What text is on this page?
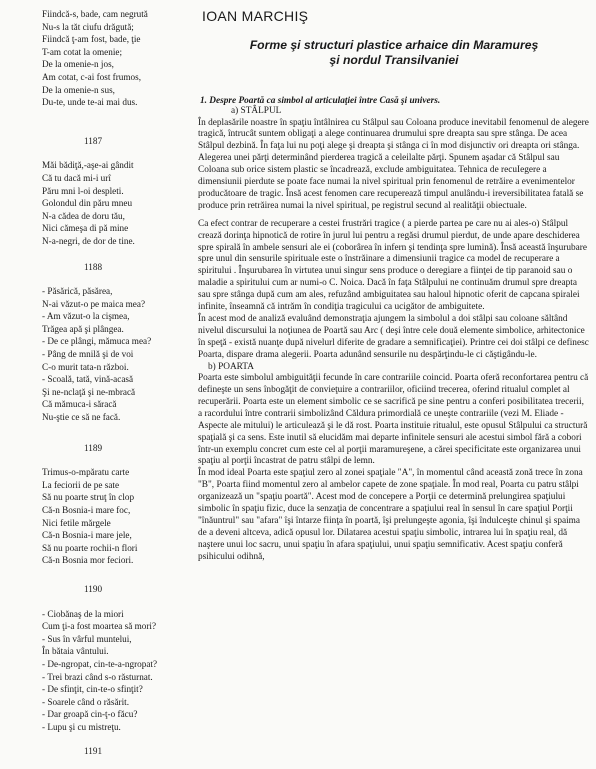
Fiindcă-s, bade, cam negrută
Nu-s la tăt ciufu drăgută;
Fiindcă ţ-am fost, bade, ţie
T-am cotat la omenie;
De la omenie-n jos,
Am cotat, c-ai fost frumos,
De la omenie-n sus,
Du-te, unde te-ai mai dus.
1187
Măi bădiţă,-aşe-ai gândit
Că tu dacă mi-i urî
Păru mni l-oi despleti.
Golondul din păru mneu
N-a cădea de doru tău,
Nici cămeşa di pă mine
N-a-negri, de dor de tine.
1188
- Păsărică, păsărea,
N-ai văzut-o pe maica mea?
- Am văzut-o la cişmea,
Trăgea apă şi plângea.
- De ce plângi, mămuca mea?
- Pâng de mnilă şi de voi
C-o murit tata-n război.
- Scoală, tată, vină-acasă
Şi ne-nclaţă şi ne-mbracă
Că mămuca-i săracă
Nu-ştie ce să ne facă.
1189
Trimus-o-mpăratu carte
La feciorii de pe sate
Să nu poarte struţ în clop
Că-n Bosnia-i mare foc,
Nici fetile mărgele
Că-n Bosnia-i mare jele,
Să nu poarte rochii-n flori
Că-n Bosnia mor feciori.
1190
- Ciobănaş de la miori
Cum ţi-a fost moartea să mori?
- Sus în vârful muntelui,
În bătaia vântului.
- De-ngropat, cin-te-a-ngropat?
- Trei brazi când s-o răsturnat.
- De sfinţit, cin-te-o sfinţit?
- Soarele când o răsărit.
- Dar groapă cin-ţ-o făcu?
- Lupu şi cu mistreţu.
1191
IOAN MARCHIŞ
Forme şi structuri plastice arhaice din Maramureş
şi nordul Transilvaniei
1. Despre Poartă ca simbol al articulaţiei între Casă şi univers.
a) STÂLPUL

În deplasările noastre în spaţiu întâlnirea cu Stâlpul sau Coloana produce inevitabil fenomenul de alegere tragică, întrucât suntem obligaţi a alege continuarea drumului spre dreapta sau spre stânga. De acea Stâlpul dezbină. În faţa lui nu poţi alege şi dreapta şi stânga ci în mod disjunctiv ori dreapta ori stânga.

Alegerea unei părţi determinând pierderea tragică a celeilalte părţi. Spunem aşadar că Stâlpul sau Coloana sub orice sistem plastic se încadrează, exclude ambiguitatea. Tehnica de recuIegere a dimensiunii pierdute se poate face numai la nivel spiritual prin fenomenul de retrăire a evenimentelor producătoare de tragic. Însă acest fenomen care recuperează timpul anulându-i ireversibilitatea fatală se produce prin retrăirea numai la nivel spiritual, pe registrul secund al realităţii obiectuale.

Ca efect contrar de recuperare a cestei frustrări tragice ( a pierde partea pe care nu ai ales-o) Stâlpul crează dorinţa hipnotică de rotire în jurul lui pentru a regăsi drumul pierdut, de unde apare deschiderea spre spirală în ambele sensuri ale ei (coborârea în infern şi tendinţa spre lumină). Însă această înşurubare spre unul din sensurile spirituale este o înstrăinare a dimensiunii tragice ca model de recuperare a spiritului . Înşurubarea în virtutea unui singur sens produce o deregiare a fiinţei de tip paranoid sau o maladie a spiritului cum ar numi-o C. Noica. Dacă în faţa Stâlpului ne continuăm drumul spre dreapta sau spre stânga după cum am ales, refuzând ambiguitatea sau haloul hipnotic oferit de capcana spiralei infinite, înseamnă că intrăm în condiţia tragicului ca ucigător de ambiguitete.

În acest mod de analiză evaluând demonstraţia ajungem la simbolul a doi stâlpi sau coloane săltând nivelul discursului la noţiunea de Poartă sau Arc ( deşi între cele două elemente simbolice, arhitectonice în speţă - există nuanţe după nivelurl diferite de gradare a semnificaţiei). Printre cei doi stâlpi ce definesc Poarta, dispare drama alegerii. Poarta adunând sensurile nu despărţindu-le ci căştigându-le.

b) POARTA

Poarta este simbolul ambiguităţii fecunde în care contrariile coincid. Poarta oferă reconfortarea pentru că defineşte un sens înbogăţit de convieţuire a contrariilor, oficiind trecerea, oferind ritualul complet al recuperării. Poarta este un element simbolic ce se sacrifică pe sine pentru a conferi posibilitatea trecerii, a racordului între contrarii simbolizând Căldura primordială ce uneşte contrariile (vezi M. Eliade - Aspecte ale mitului) le articulează şi le dă rost. Poarta instituie ritualul, este opusul Stâlpului ca structură spaţială şi ca sens. Este inutil să elucidăm mai departe infinitele sensuri ale acestui simbol fără a cobori într-un exemplu concret cum este cel al porţii maramureşene, a cărei specificitate este organizarea unui spaţiu al porţii încastrat de patru stâlpi de lemn.

În mod ideal Poarta este spaţiul zero al zonei spaţiale "A", în momentul când această zonă trece în zona "B", Poarta fiind momentul zero al ambelor capete de zone spaţiale. În mod real, Poarta cu patru stâlpi organizează un "spaţiu poartă". Acest mod de concepere a Porţii ce determină prelungirea spaţiului simbolic în spaţiu fizic, duce la senzaţia de concentrare a spaţiului real în sensul în care spaţiul Porţii "înăuntrul" sau "afara" îşi întarze fiinţa în poartă, îşi prelungeşte agonia, îşi îndulceşte chinul şi spaima de a deveni altceva, adică opusul lor. Dilatarea acestui spaţiu simbolic, intrarea lui în spaţiu real, dă naştere unui loc sacru, unui spaţiu în afara spaţiului, unui spaţiu semnificativ. Acest spaţiu conferă psihicului odihnă,
